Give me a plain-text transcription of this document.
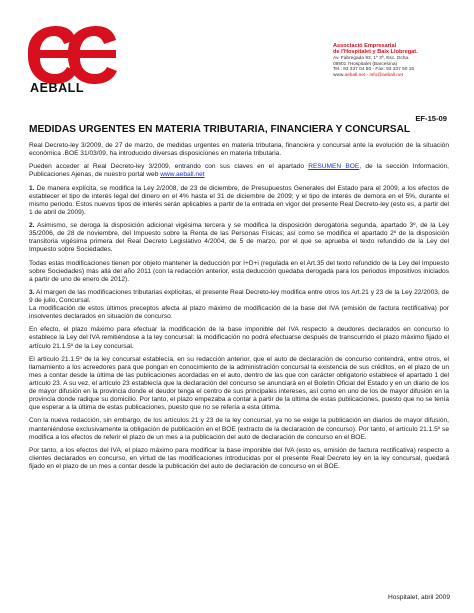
AEBALL
Associació Empresarial
de l'Hospitalet y Baix Llobregat.
Av. Fabregada 93, 1º 3ª, Esc. Dcha.
08901 l'Hospitalet (Barcelona)
Tel.: 93 337 04 50 - Fax: 93 337 50 15
www.aeball.net - info@aeball.net
EF-15-09
MEDIDAS URGENTES EN MATERIA TRIBUTARIA, FINANCIERA Y CONCURSAL

Real Decreto-ley 3/2009, de 27 de marzo, de medidas urgentes en materia tributaria, financiera y concursal ante la evolución de la situación económica .BOE 31/03/09, ha introducido diversas disposiciones en materia tributaria.

Pueden acceder al Real Decreto-ley 3/2009, entrando con sus claves en el apartado RESUMEN BOE, de la sección Información, Publicaciones Ajenas, de nuestro portal web www.aeball.net

1. De manera explícita, se modifica la Ley 2/2008, de 23 de diciembre, de Presupuestos Generales del Estado para el 2009, a los efectos de establecer el tipo de interés legal del dinero en el 4% hasta el 31 de diciembre de 2009; y el tipo de interés de demora en el 5%, durante el mismo periodo. Estos nuevos tipos de interés serán aplicables a partir de la entrada en vigor del presente Real Decreto-ley (esto es, a partir del 1 de abril de 2009).

2. Asimismo, se deroga la disposición adicional vigésima tercera y se modifica la disposición derogatoria segunda, apartado 3º, de la Ley 35/2006, de 28 de noviembre, del Impuesto sobre la Renta de las Personas Físicas; así como se modifica el apartado 2º de la disposición transitoria vigésima primera del Real Decreto Legislativo 4/2004, de 5 de marzo, por el que se aprueba el texto refundido de la Ley del Impuesto sobre Sociedades.

Todas estas modificaciones tienen por objeto mantener la deducción por I+D+i (regulada en el Art.35 del texto refundido de la Ley del Impuesto sobre Sociedades) más allá del año 2011 (con la redacción anterior, esta deducción quedaba derogada para los periodos impositivos iniciados a partir de uno de enero de 2012).

3. Al margen de las modificaciones tributarias explícitas, el presente Real Decreto-ley modifica entre otros los Art.21 y 23 de la Ley 22/2003, de 9 de julio, Concursal.
La modificación de estos últimos preceptos afecta al plazo máximo de modificación de la base del IVA (emisión de factura rectificativa) por insolventes declarados en situación de concurso.

En efecto, el plazo máximo para efectuar la modificación de la base imponible del IVA respecto a deudores declarados en concurso lo establece la Ley del IVA remitiéndose a la ley concursal: la modificación no podrá efectuarse después de transcurrido el plazo máximo fijado el artículo 21.1.5º de la Ley concursal.

El artículo 21.1.5º de la ley concursal establecía, en su redacción anterior, que el auto de declaración de concurso contendrá, entre otros, el llamamiento a los acreedores para que pongan en conocimiento de la administración concursal la existencia de sus créditos, en el plazo de un mes a contar desde la última de las publicaciones acordadas en el auto, dentro de las que con carácter obligatorio establece el apartado 1 del artículo 23. A su vez, el artículo 23 establecía que la declaración del concurso se anunciará en el Boletín Oficial del Estado y en un diario de los de mayor difusión en la provincia donde el deudor tenga el centro de sus principales intereses, así como en uno de los de mayor difusión en la provincia donde radique su domicilio. Por tanto, el plazo empezaba a contar a partir de la última de estas publicaciones, puesto que no se tenía que esperar a la última de estas publicaciones, puesto que no se refería a esta última.

Con la nueva redacción, sin embargo, de los artículos 21 y 23 de la ley concursal, ya no se exige la publicación en diarios de mayor difusión, manteniéndose exclusivamente la obligación de publicación en el BOE (extracto de la declaración de concurso). Por tanto, el artículo 21.1.5º se modifica a los efectos de referir el plazo de un mes a la publicación del auto de declaración de concurso en el BOE.

Por tanto, a los efectos del IVA, el plazo máximo para modificar la base imponible del IVA (esto es, emisión de factura rectificativa) respecto a clientes declarados en concurso, en virtud de las modificaciones introducidas por el presente Real Decreto ley en la ley concursal, quedará fijado en el plazo de un mes a contar desde la publicación del auto de declaración de concurso en el BOE.

Hospitalet, abril 2009
